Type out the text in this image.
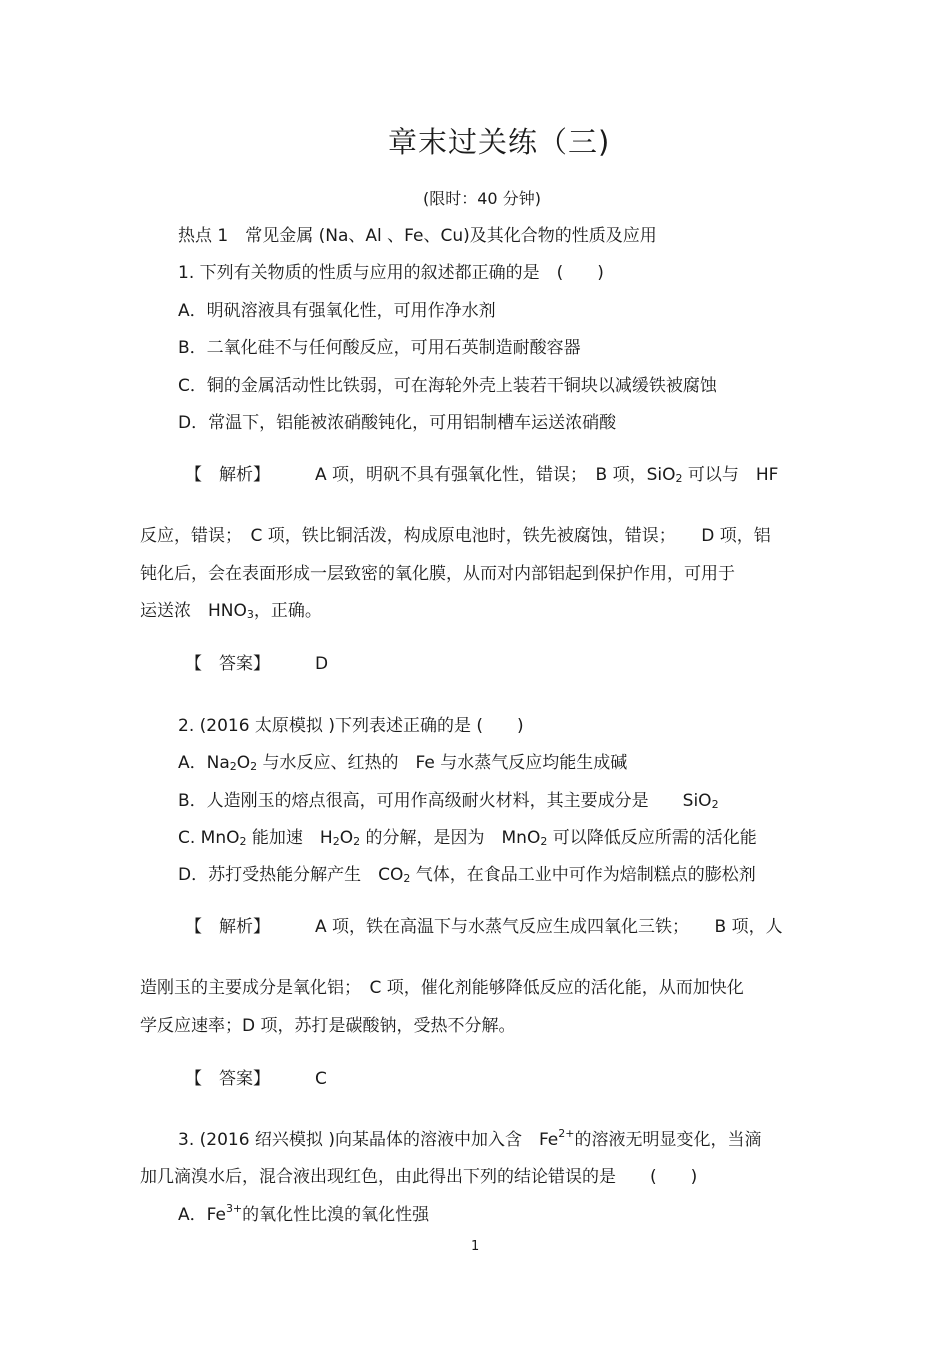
章末过关练（三)
(限时：40 分钟)
热点 1　常见金属 (Na、Al 、Fe、Cu)及其化合物的性质及应用
1. 下列有关物质的性质与应用的叙述都正确的是　(　　)
A．明矾溶液具有强氧化性，可用作净水剂
B．二氧化硅不与任何酸反应，可用石英制造耐酸容器
C．铜的金属活动性比铁弱，可在海轮外壳上装若干铜块以减缓铁被腐蚀
D．常温下，铝能被浓硝酸钝化，可用铝制槽车运送浓硝酸
【　解析】	A 项，明矾不具有强氧化性，错误；　B 项，SiO$_2$ 可以与　HF
反应，错误；　C 项，铁比铜活泼，构成原电池时，铁先被腐蚀，错误；　　D 项，铝
钝化后，会在表面形成一层致密的氧化膜，从而对内部铝起到保护作用，可用于
运送浓　$HNO_3$，正确。
【　答案】	D
2. (2016 太原模拟 )下列表述正确的是 (　　)
A．$Na_2O_2$ 与水反应、红热的　Fe 与水蒸气反应均能生成碱
B．人造刚玉的熔点很高，可用作高级耐火材料，其主要成分是　　SiO$_2$
C. MnO$_2$ 能加速　$H_2O_2$ 的分解，是因为　MnO$_2$ 可以降低反应所需的活化能
D．苏打受热能分解产生　$CO_2$ 气体，在食品工业中可作为焙制糕点的膨松剂
【　解析】	A 项，铁在高温下与水蒸气反应生成四氧化三铁；　　B 项，人
造刚玉的主要成分是氧化铝；　C 项，催化剂能够降低反应的活化能，从而加快化
学反应速率；D 项，苏打是碳酸钠，受热不分解。
【　答案】	C
3. (2016 绍兴模拟 )向某晶体的溶液中加入含　$Fe^{2+}$的溶液无明显变化，当滴
加几滴溴水后，混合液出现红色，由此得出下列的结论错误的是　　(　　)
A．$Fe^{3+}$的氧化性比溴的氧化性强
1
